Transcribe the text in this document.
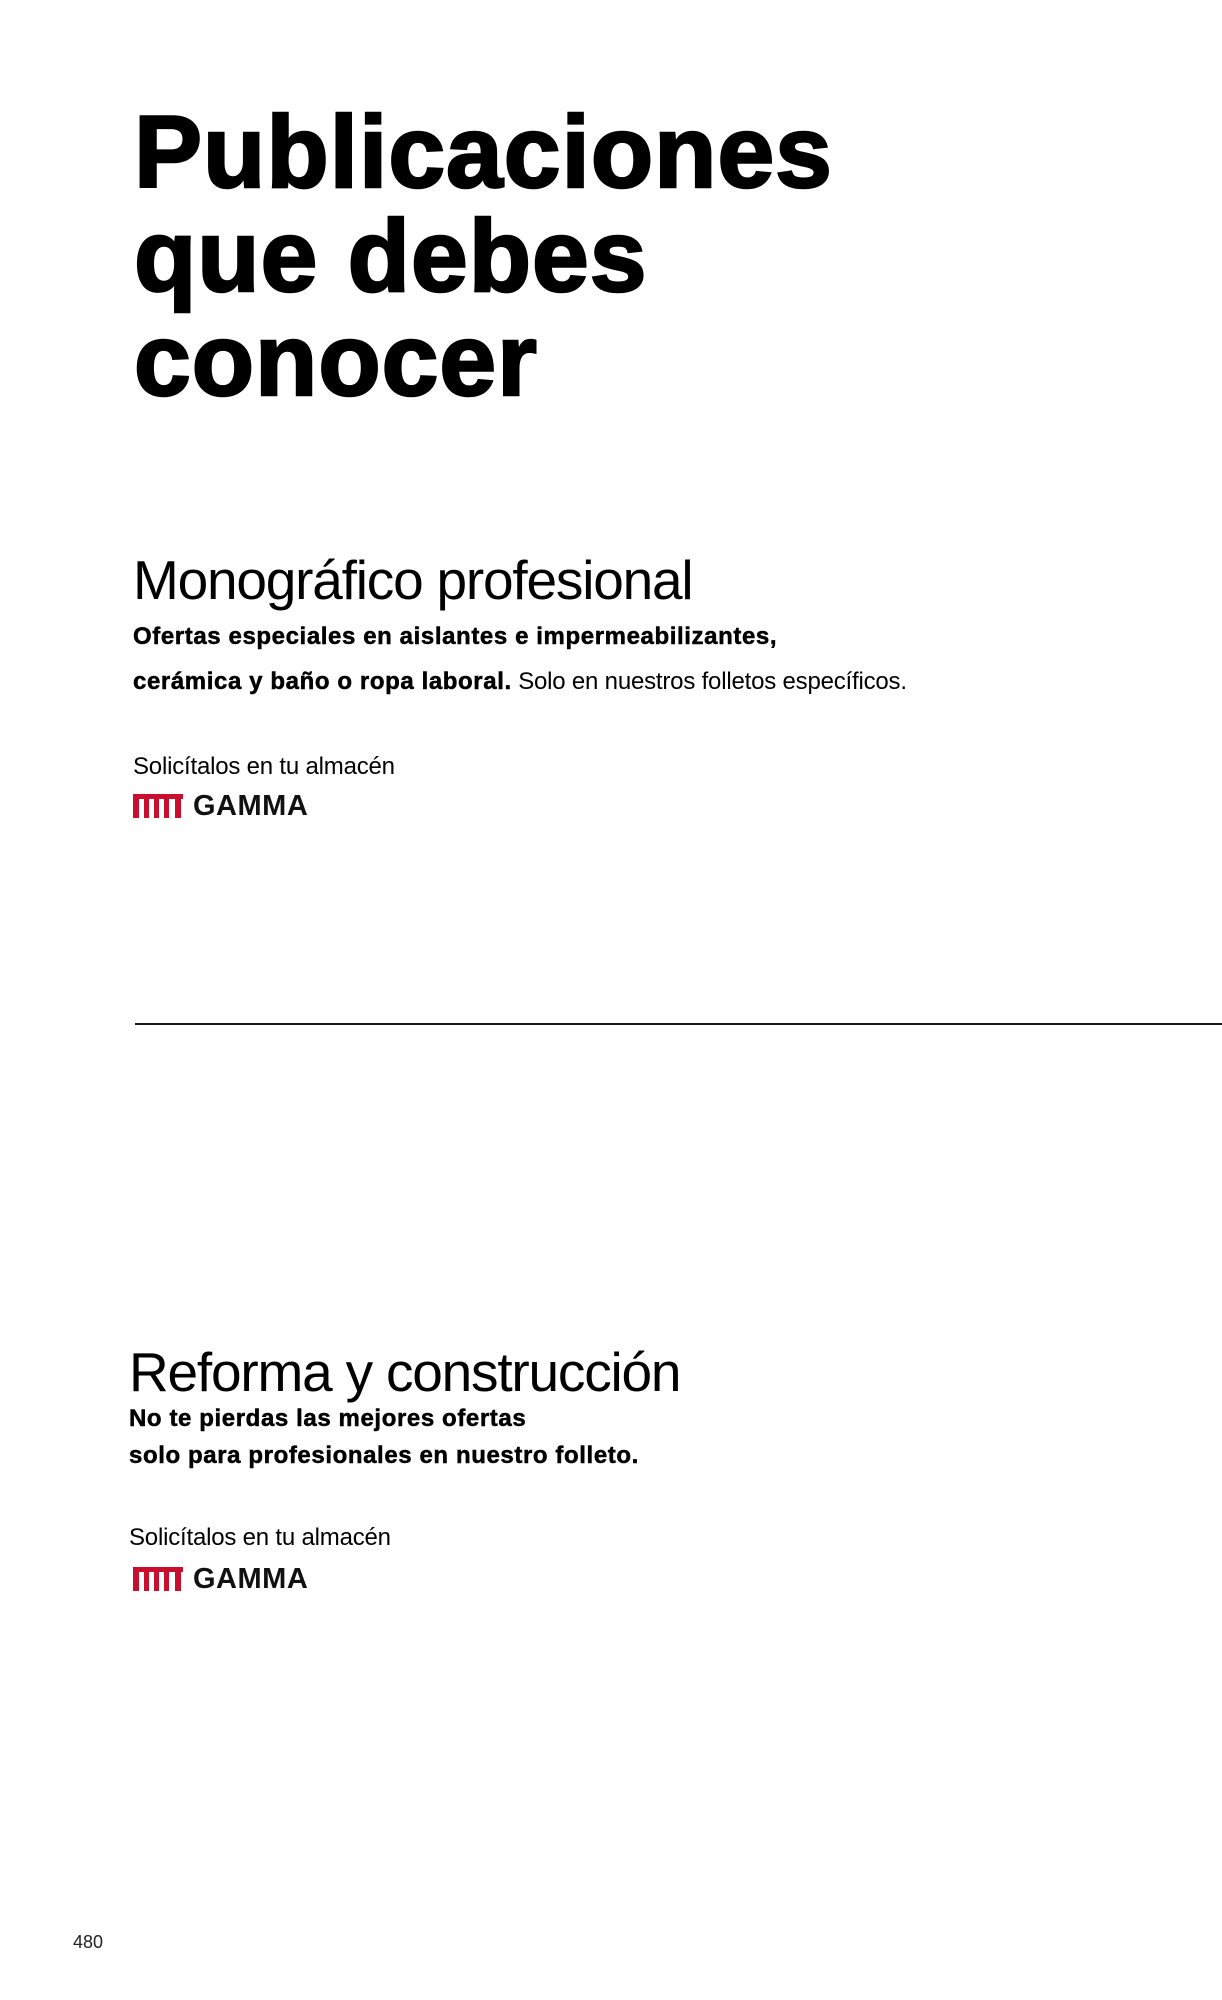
Publicaciones
que debes
conocer
Monográfico profesional

Ofertas especiales en aislantes e impermeabilizantes,
cerámica y baño o ropa laboral. Solo en nuestros folletos específicos.

Solicítalos en tu almacén
GAMMA
Reforma y construcción

No te pierdas las mejores ofertas
solo para profesionales en nuestro folleto.

Solicítalos en tu almacén
GAMMA
480
